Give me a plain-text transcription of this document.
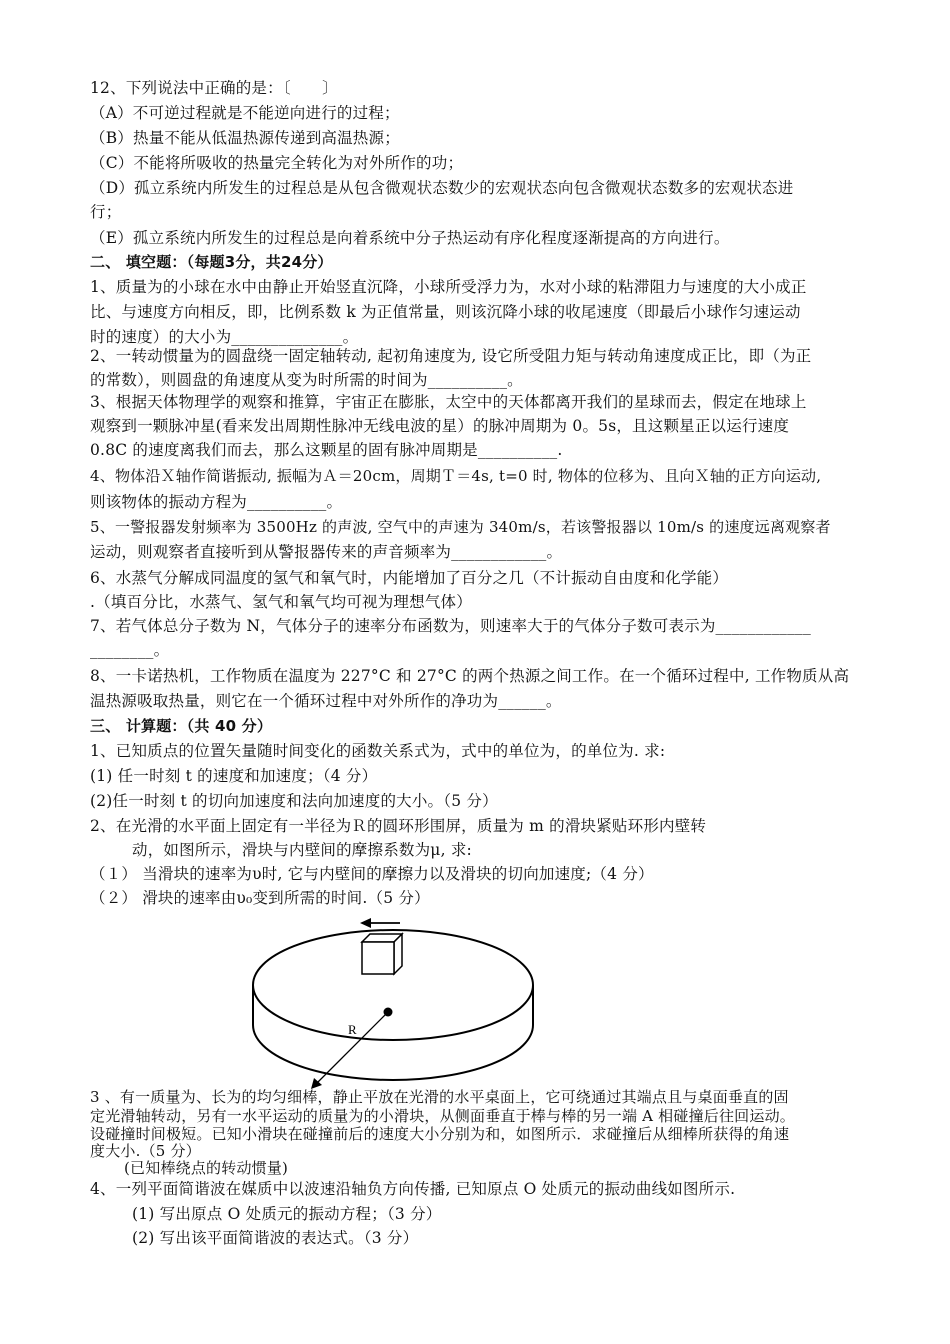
12、下列说法中正确的是：〔　　〕
（A）不可逆过程就是不能逆向进行的过程；
（B）热量不能从低温热源传递到高温热源；
（C）不能将所吸收的热量完全转化为对外所作的功；
（D）孤立系统内所发生的过程总是从包含微观状态数少的宏观状态向包含微观状态数多的宏观状态进
行；
（E）孤立系统内所发生的过程总是向着系统中分子热运动有序化程度逐渐提高的方向进行。
二、 填空题：（每题3分，共24分）
1、质量为的小球在水中由静止开始竖直沉降，小球所受浮力为，水对小球的粘滞阻力与速度的大小成正
比、与速度方向相反，即，比例系数 k 为正值常量，则该沉降小球的收尾速度（即最后小球作匀速运动
时的速度）的大小为______________。
2、一转动惯量为的圆盘绕一固定轴转动, 起初角速度为, 设它所受阻力矩与转动角速度成正比，即（为正
的常数），则圆盘的角速度从变为时所需的时间为__________。
3、根据天体物理学的观察和推算，宇宙正在膨胀，太空中的天体都离开我们的星球而去，假定在地球上
观察到一颗脉冲星(看来发出周期性脉冲无线电波的星）的脉冲周期为 0。5s，且这颗星正以运行速度
0.8C 的速度离我们而去，那么这颗星的固有脉冲周期是__________.
4、物体沿Ｘ轴作简谐振动, 振幅为Ａ＝20cm，周期Ｔ＝4s, t=0 时, 物体的位移为、且向Ｘ轴的正方向运动,
则该物体的振动方程为__________。
5、一警报器发射频率为 3500Hz 的声波, 空气中的声速为 340m/s，若该警报器以 10m/s 的速度远离观察者
运动，则观察者直接听到从警报器传来的声音频率为____________。
6、水蒸气分解成同温度的氢气和氧气时，内能增加了百分之几（不计振动自由度和化学能）
.（填百分比，水蒸气、氢气和氧气均可视为理想气体）
7、若气体总分子数为 N，气体分子的速率分布函数为，则速率大于的气体分子数可表示为____________
________。
8、一卡诺热机，工作物质在温度为 227°C 和 27°C 的两个热源之间工作。在一个循环过程中, 工作物质从高
温热源吸取热量，则它在一个循环过程中对外所作的净功为______。
三、 计算题：（共 40 分）
1、已知质点的位置矢量随时间变化的函数关系式为，式中的单位为，的单位为. 求:
(1) 任一时刻 t 的速度和加速度；（4 分）
(2)任一时刻 t 的切向加速度和法向加速度的大小。（5 分）
2、在光滑的水平面上固定有一半径为Ｒ的圆环形围屏，质量为 m 的滑块紧贴环形内壁转
动，如图所示，滑块与内壁间的摩擦系数为μ, 求:
（１） 当滑块的速率为υ时, 它与内壁间的摩擦力以及滑块的切向加速度;（4 分）
（２） 滑块的速率由υ₀变到所需的时间.（5 分）
R
3 、有一质量为、长为的均匀细棒，静止平放在光滑的水平桌面上，它可绕通过其端点且与桌面垂直的固
定光滑轴转动，另有一水平运动的质量为的小滑块，从侧面垂直于棒与棒的另一端 A 相碰撞后往回运动。
设碰撞时间极短。已知小滑块在碰撞前后的速度大小分别为和，如图所示．求碰撞后从细棒所获得的角速
度大小.（5 分）
(已知棒绕点的转动惯量)
4、一列平面简谐波在媒质中以波速沿轴负方向传播, 已知原点 O 处质元的振动曲线如图所示.
(1) 写出原点 O 处质元的振动方程；（3 分）
(2) 写出该平面简谐波的表达式。（3 分）
